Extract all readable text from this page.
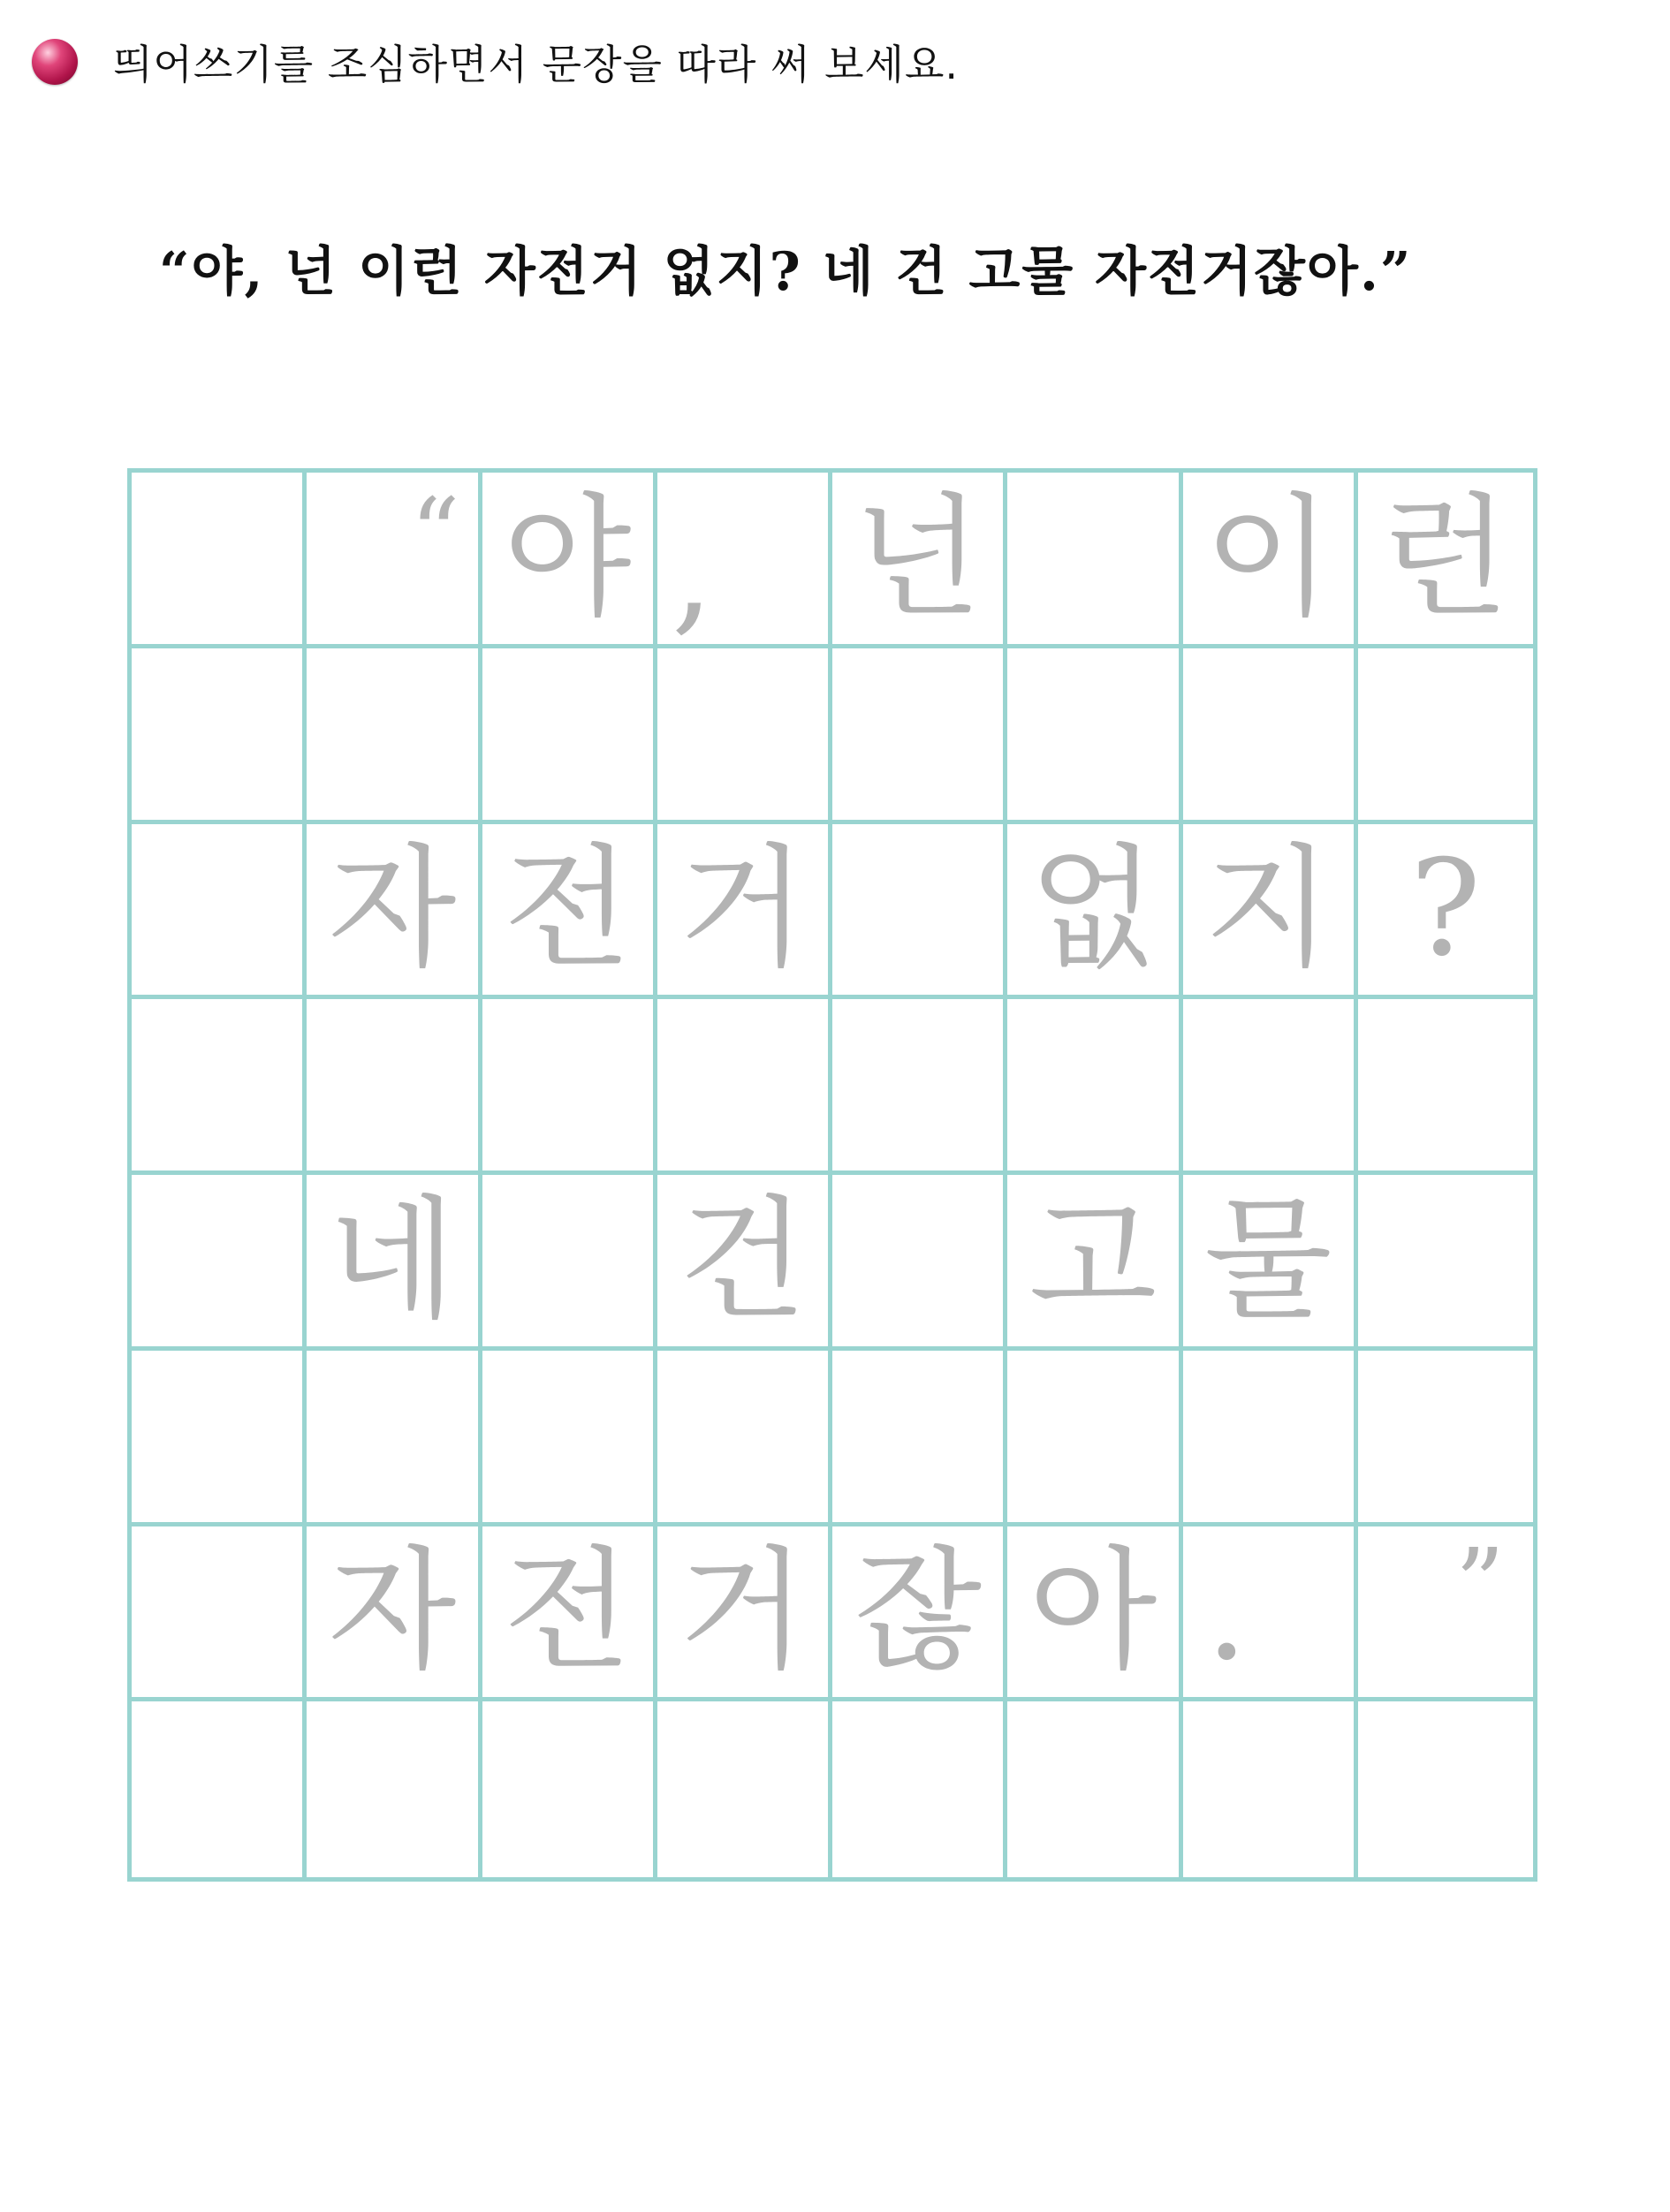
띄어쓰기를 조심하면서 문장을 따라 써 보세요.
“야, 넌 이런 자전거 없지? 네 건 고물 자전거잖아.”
“ 야 ,	넌 이 런
자 전 거 없 지 ?
네 건 고 물
자 전 거 잖 아 .	”
